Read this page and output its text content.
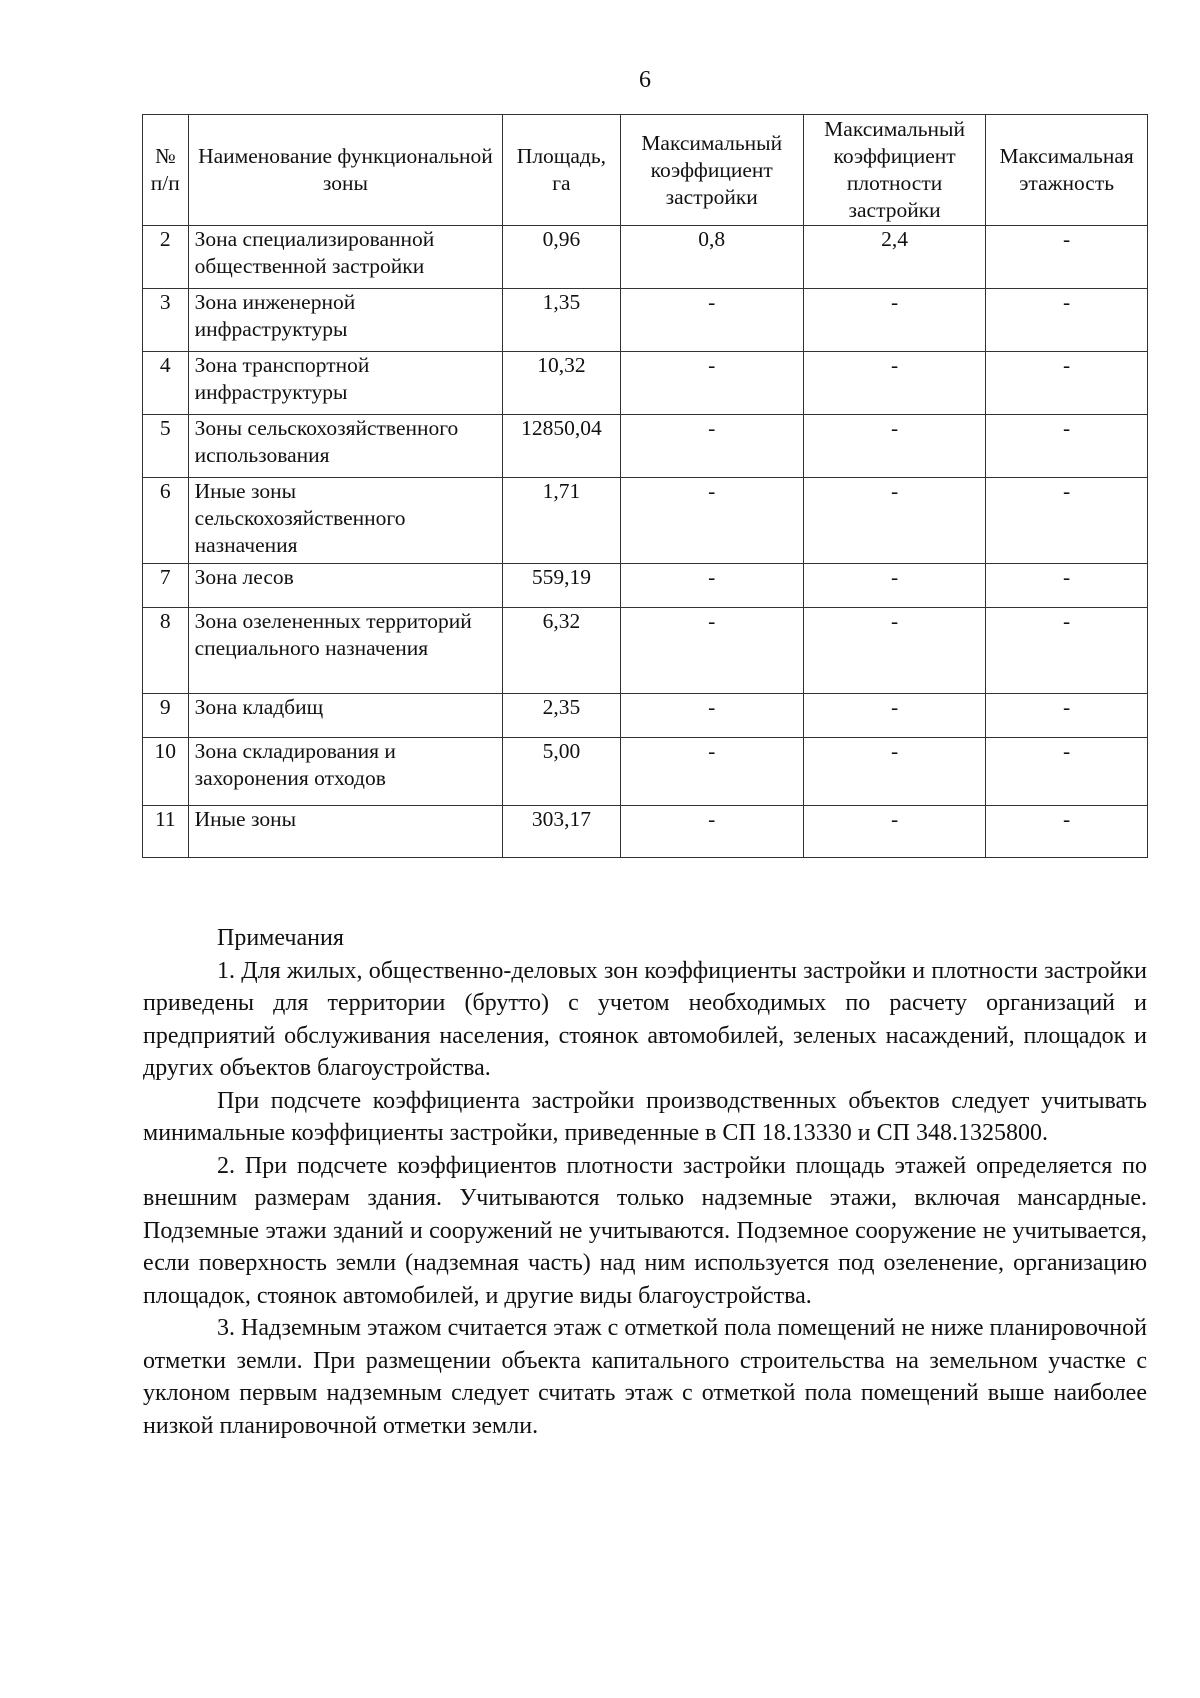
6
№ п/п	Наименование функциональной зоны	Площадь, га	Максимальный коэффициент застройки	Максимальный коэффициент плотности застройки	Максимальная этажность
2	Зона специализированной общественной застройки	0,96	0,8	2,4	-
3	Зона инженерной инфраструктуры	1,35	-	-	-
4	Зона транспортной инфраструктуры	10,32	-	-	-
5	Зоны сельскохозяйственного использования	12850,04	-	-	-
6	Иные зоны сельскохозяйственного назначения	1,71	-	-	-
7	Зона лесов	559,19	-	-	-
8	Зона озелененных территорий специального назначения	6,32	-	-	-
9	Зона кладбищ	2,35	-	-	-
10	Зона складирования и захоронения отходов	5,00	-	-	-
11	Иные зоны	303,17	-	-	-
Примечания

1. Для жилых, общественно-деловых зон коэффициенты застройки и плотности застройки приведены для территории (брутто) с учетом необходимых по расчету организаций и предприятий обслуживания населения, стоянок автомобилей, зеленых насаждений, площадок и других объектов благоустройства.

При подсчете коэффициента застройки производственных объектов следует учитывать минимальные коэффициенты застройки, приведенные в СП 18.13330 и СП 348.1325800.

2. При подсчете коэффициентов плотности застройки площадь этажей определяется по внешним размерам здания. Учитываются только надземные этажи, включая мансардные. Подземные этажи зданий и сооружений не учитываются. Подземное сооружение не учитывается, если поверхность земли (надземная часть) над ним используется под озеленение, организацию площадок, стоянок автомобилей, и другие виды благоустройства.

3. Надземным этажом считается этаж с отметкой пола помещений не ниже планировочной отметки земли. При размещении объекта капитального строительства на земельном участке с уклоном первым надземным следует считать этаж с отметкой пола помещений выше наиболее низкой планировочной отметки земли.
